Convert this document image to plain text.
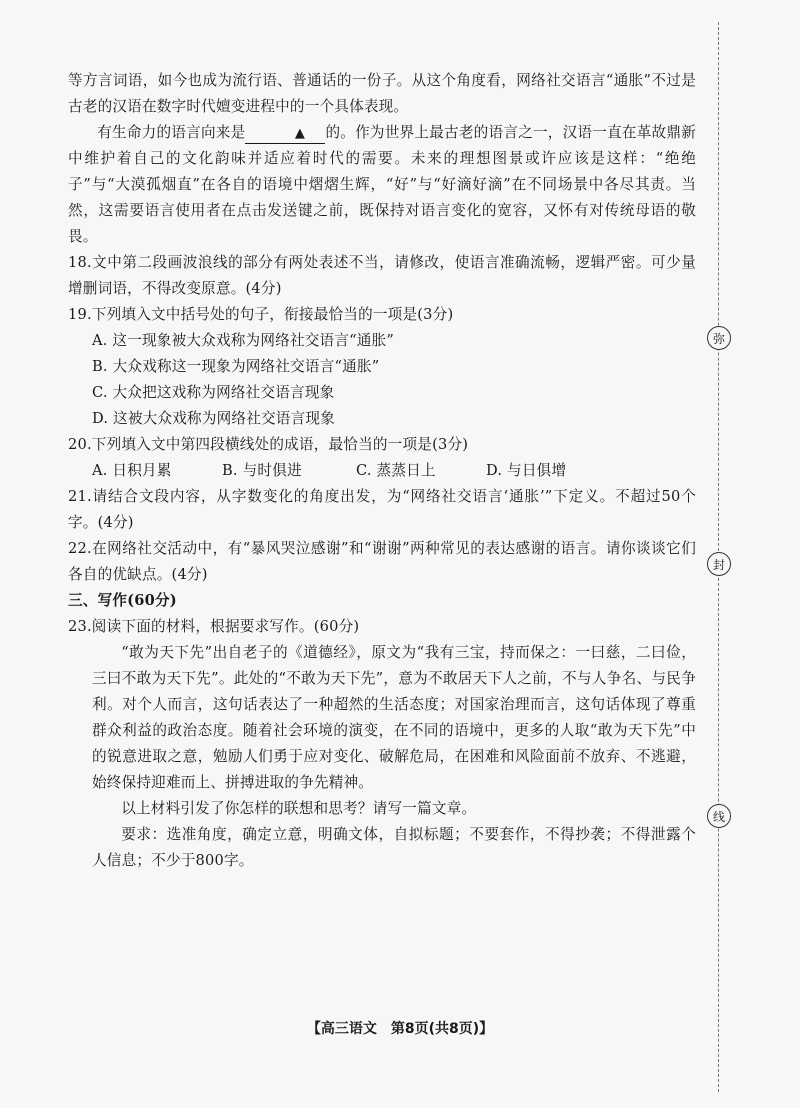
等方言词语，如今也成为流行语、普通话的一份子。从这个角度看，网络社交语言“通胀”不过是古老的汉语在数字时代嬗变进程中的一个具体表现。

有生命力的语言向来是	▲ 的。作为世界上最古老的语言之一，汉语一直在革故鼎新中维护着自己的文化韵味并适应着时代的需要。未来的理想图景或许应该是这样：“绝绝子”与“大漠孤烟直”在各自的语境中熠熠生辉，“好”与“好滴好滴”在不同场景中各尽其责。当然，这需要语言使用者在点击发送键之前，既保持对语言变化的宽容，又怀有对传统母语的敬畏。

18.文中第二段画波浪线的部分有两处表述不当，请修改，使语言准确流畅，逻辑严密。可少量增删词语，不得改变原意。(4分)

19.下列填入文中括号处的句子，衔接最恰当的一项是(3分)

A. 这一现象被大众戏称为网络社交语言“通胀”

B. 大众戏称这一现象为网络社交语言“通胀”

C. 大众把这戏称为网络社交语言现象

D. 这被大众戏称为网络社交语言现象

20.下列填入文中第四段横线处的成语，最恰当的一项是(3分)

A. 日积月累	B. 与时俱进	C. 蒸蒸日上	D. 与日俱增

21.请结合文段内容，从字数变化的角度出发，为“网络社交语言‘通胀’”下定义。不超过50个字。(4分)

22.在网络社交活动中，有“暴风哭泣感谢”和“谢谢”两种常见的表达感谢的语言。请你谈谈它们各自的优缺点。(4分)

三、写作(60分)

23.阅读下面的材料，根据要求写作。(60分)

“敢为天下先”出自老子的《道德经》，原文为“我有三宝，持而保之：一曰慈，二曰俭，三曰不敢为天下先”。此处的“不敢为天下先”，意为不敢居天下人之前，不与人争名、与民争利。对个人而言，这句话表达了一种超然的生活态度；对国家治理而言，这句话体现了尊重群众利益的政治态度。随着社会环境的演变，在不同的语境中，更多的人取“敢为天下先”中的锐意进取之意，勉励人们勇于应对变化、破解危局，在困难和风险面前不放弃、不逃避，始终保持迎难而上、拼搏进取的争先精神。

以上材料引发了你怎样的联想和思考？请写一篇文章。

要求：选准角度，确定立意，明确文体，自拟标题；不要套作，不得抄袭；不得泄露个人信息；不少于800字。

【高三语文　第8页(共8页)】
弥
封
线
